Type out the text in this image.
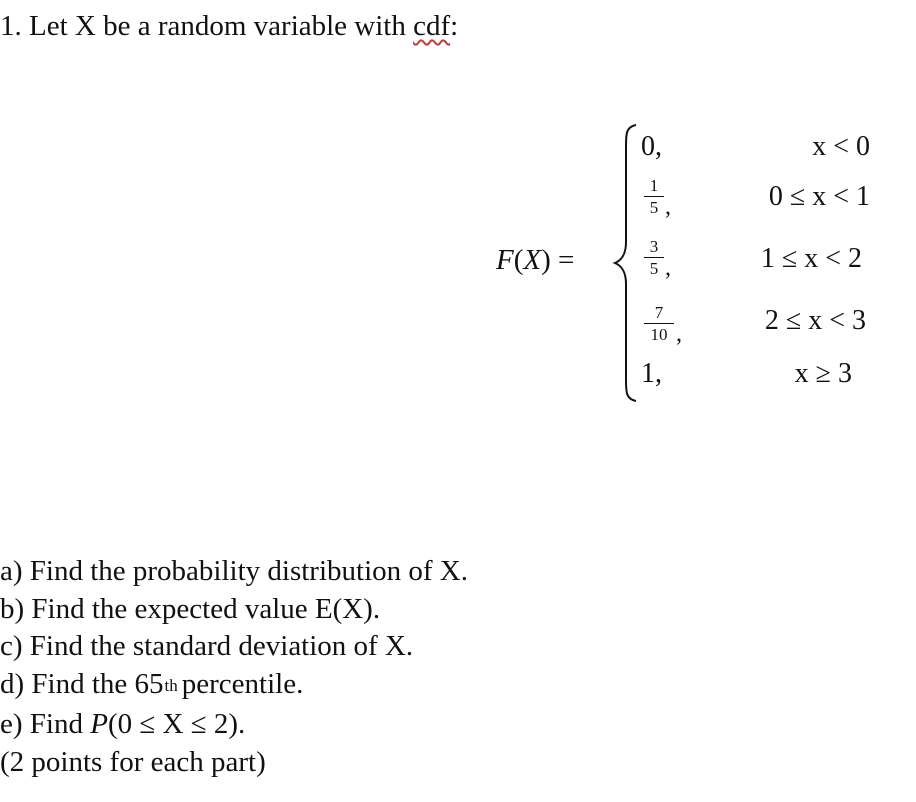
1. Let X be a random variable with cdf:
F(X) =
0,	x < 0
1
5 ,	0 ≤ x < 1
3
5 ,	1 ≤ x < 2
7
10 ,	2 ≤ x < 3
1,	x ≥ 3
a) Find the probability distribution of X.
b) Find the expected value E(X).
c) Find the standard deviation of X.
d) Find the 65th percentile.
e) Find P(0 ≤ X ≤ 2).
(2 points for each part)
